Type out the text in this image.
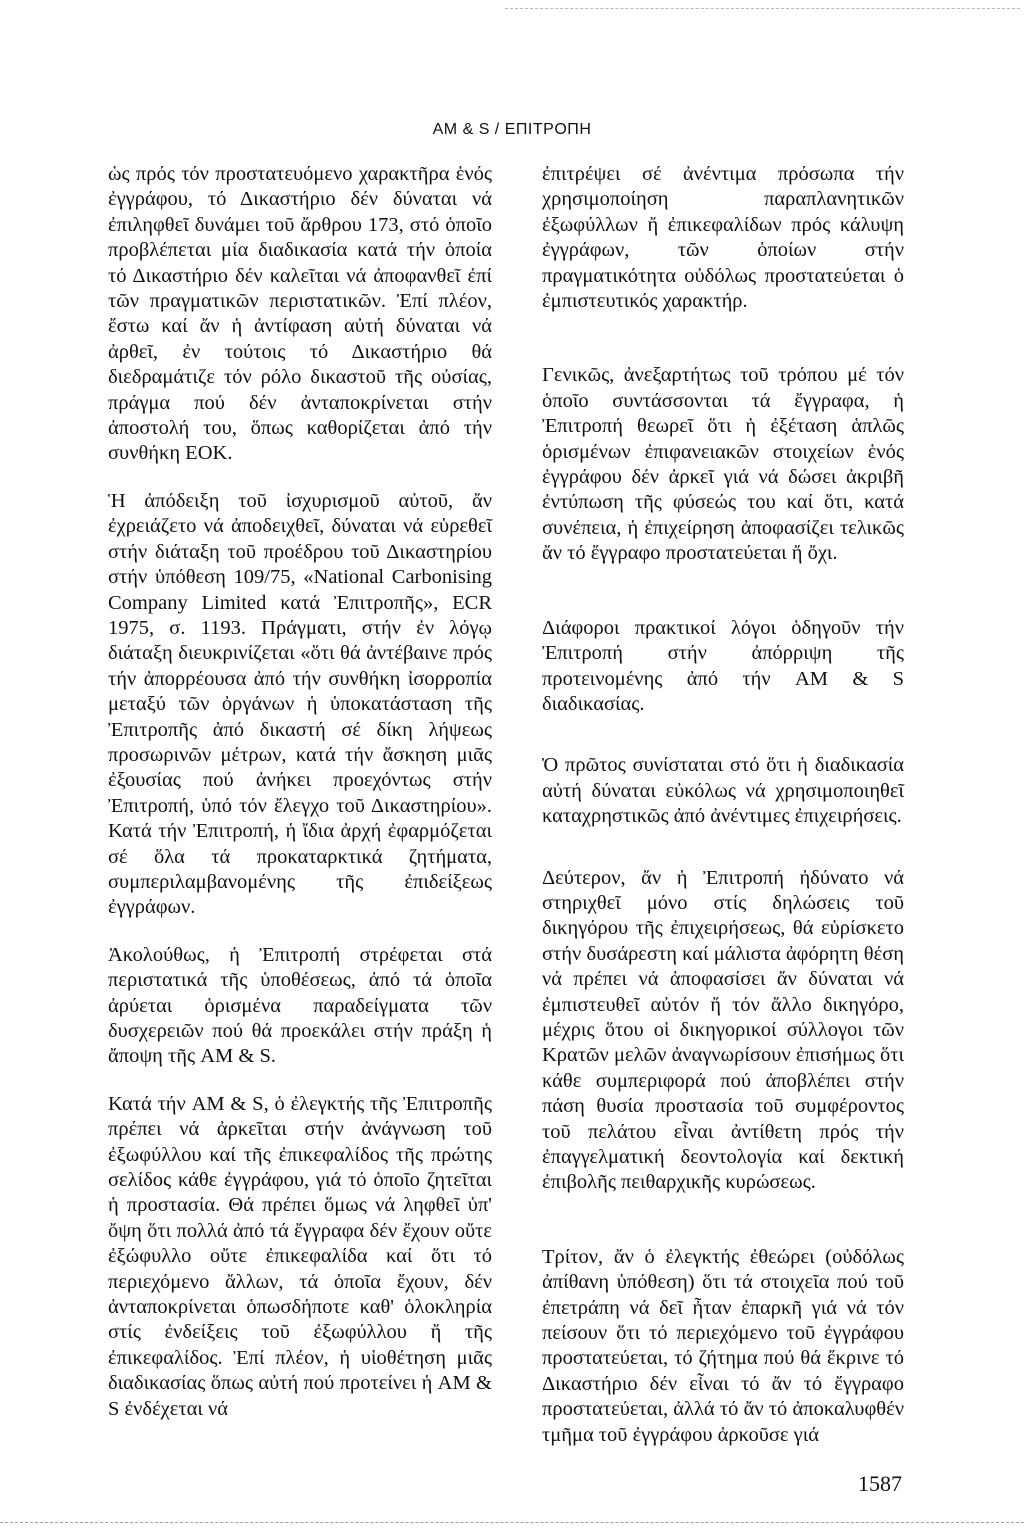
AM & S / ΕΠΙΤΡΟΠΗ

ὡς πρός τόν προστατευόμενο χαρακτῆρα ἑνός ἐγγράφου, τό Δικαστήριο δέν δύναται νά ἐπιληφθεῖ δυνάμει τοῦ ἄρθρου 173, στό ὁποῖο προβλέπεται μία διαδικασία κατά τήν ὁποία τό Δικαστήριο δέν καλεῖται νά ἀποφανθεῖ ἐπί τῶν πραγματικῶν περιστατικῶν. Ἐπί πλέον, ἔστω καί ἄν ἡ ἀντίφαση αὐτή δύναται νά ἀρθεῖ, ἐν τούτοις τό Δικαστήριο θά διεδραμάτιζε τόν ρόλο δικαστοῦ τῆς οὐσίας, πράγμα πού δέν ἀνταποκρίνεται στήν ἀποστολή του, ὅπως καθορίζεται ἀπό τήν συνθήκη ΕΟΚ.

Ἡ ἀπόδειξη τοῦ ἰσχυρισμοῦ αὐτοῦ, ἄν ἐχρειάζετο νά ἀποδειχθεῖ, δύναται νά εὑρεθεῖ στήν διάταξη τοῦ προέδρου τοῦ Δικαστηρίου στήν ὑπόθεση 109/75, «National Carbonising Company Limited κατά Ἐπιτροπῆς», ECR 1975, σ. 1193. Πράγματι, στήν ἐν λόγῳ διάταξη διευκρινίζεται «ὅτι θά ἀντέβαινε πρός τήν ἀπορρέουσα ἀπό τήν συνθήκη ἰσορροπία μεταξύ τῶν ὀργάνων ἡ ὑποκατάσταση τῆς Ἐπιτροπῆς ἀπό δικαστή σέ δίκη λήψεως προσωρινῶν μέτρων, κατά τήν ἄσκηση μιᾶς ἐξουσίας πού ἀνήκει προεχόντως στήν Ἐπιτροπή, ὑπό τόν ἔλεγχο τοῦ Δικαστηρίου». Κατά τήν Ἐπιτροπή, ἡ ἴδια ἀρχή ἐφαρμόζεται σέ ὅλα τά προκαταρκτικά ζητήματα, συμπεριλαμβανομένης τῆς ἐπιδείξεως ἐγγράφων.

Ἀκολούθως, ἡ Ἐπιτροπή στρέφεται στά περιστατικά τῆς ὑποθέσεως, ἀπό τά ὁποῖα ἀρύεται ὁρισμένα παραδείγματα τῶν δυσχερειῶν πού θά προεκάλει στήν πράξη ἡ ἄποψη τῆς AM & S.

Κατά τήν AM & S, ὁ ἐλεγκτής τῆς Ἐπιτροπῆς πρέπει νά ἀρκεῖται στήν ἀνάγνωση τοῦ ἐξωφύλλου καί τῆς ἐπικεφαλίδος τῆς πρώτης σελίδος κάθε ἐγγράφου, γιά τό ὁποῖο ζητεῖται ἡ προστασία. Θά πρέπει ὅμως νά ληφθεῖ ὑπ' ὄψη ὅτι πολλά ἀπό τά ἔγγραφα δέν ἔχουν οὔτε ἐξώφυλλο οὔτε ἐπικεφαλίδα καί ὅτι τό περιεχόμενο ἄλλων, τά ὁποῖα ἔχουν, δέν ἀνταποκρίνεται ὁπωσδήποτε καθ' ὁλοκληρία στίς ἐνδείξεις τοῦ ἐξωφύλλου ἤ τῆς ἐπικεφαλίδος. Ἐπί πλέον, ἡ υἱοθέτηση μιᾶς διαδικασίας ὅπως αὐτή πού προτείνει ἡ AM & S ἐνδέχεται νά

ἐπιτρέψει σέ ἀνέντιμα πρόσωπα τήν χρησιμοποίηση παραπλανητικῶν ἐξωφύλλων ἤ ἐπικεφαλίδων πρός κάλυψη ἐγγράφων, τῶν ὁποίων στήν πραγματικότητα οὐδόλως προστατεύεται ὁ ἐμπιστευτικός χαρακτήρ.

Γενικῶς, ἀνεξαρτήτως τοῦ τρόπου μέ τόν ὁποῖο συντάσσονται τά ἔγγραφα, ἡ Ἐπιτροπή θεωρεῖ ὅτι ἡ ἐξέταση ἁπλῶς ὁρισμένων ἐπιφανειακῶν στοιχείων ἑνός ἐγγράφου δέν ἀρκεῖ γιά νά δώσει ἀκριβῆ ἐντύπωση τῆς φύσεώς του καί ὅτι, κατά συνέπεια, ἡ ἐπιχείρηση ἀποφασίζει τελικῶς ἄν τό ἔγγραφο προστατεύεται ἤ ὄχι.

Διάφοροι πρακτικοί λόγοι ὁδηγοῦν τήν Ἐπιτροπή στήν ἀπόρριψη τῆς προτεινομένης ἀπό τήν AM & S διαδικασίας.

Ὁ πρῶτος συνίσταται στό ὅτι ἡ διαδικασία αὐτή δύναται εὐκόλως νά χρησιμοποιηθεῖ καταχρηστικῶς ἀπό ἀνέντιμες ἐπιχειρήσεις.

Δεύτερον, ἄν ἡ Ἐπιτροπή ἠδύνατο νά στηριχθεῖ μόνο στίς δηλώσεις τοῦ δικηγόρου τῆς ἐπιχειρήσεως, θά εὑρίσκετο στήν δυσάρεστη καί μάλιστα ἀφόρητη θέση νά πρέπει νά ἀποφασίσει ἄν δύναται νά ἐμπιστευθεῖ αὐτόν ἤ τόν ἄλλο δικηγόρο, μέχρις ὅτου οἱ δικηγορικοί σύλλογοι τῶν Κρατῶν μελῶν ἀναγνωρίσουν ἐπισήμως ὅτι κάθε συμπεριφορά πού ἀποβλέπει στήν πάση θυσία προστασία τοῦ συμφέροντος τοῦ πελάτου εἶναι ἀντίθετη πρός τήν ἐπαγγελματική δεοντολογία καί δεκτική ἐπιβολῆς πειθαρχικῆς κυρώσεως.

Τρίτον, ἄν ὁ ἐλεγκτής ἐθεώρει (οὐδόλως ἀπίθανη ὑπόθεση) ὅτι τά στοιχεῖα πού τοῦ ἐπετράπη νά δεῖ ἦταν ἐπαρκῆ γιά νά τόν πείσουν ὅτι τό περιεχόμενο τοῦ ἐγγράφου προστατεύεται, τό ζήτημα πού θά ἔκρινε τό Δικαστήριο δέν εἶναι τό ἄν τό ἔγγραφο προστατεύεται, ἀλλά τό ἄν τό ἀποκαλυφθέν τμῆμα τοῦ ἐγγράφου ἀρκοῦσε γιά

1587
